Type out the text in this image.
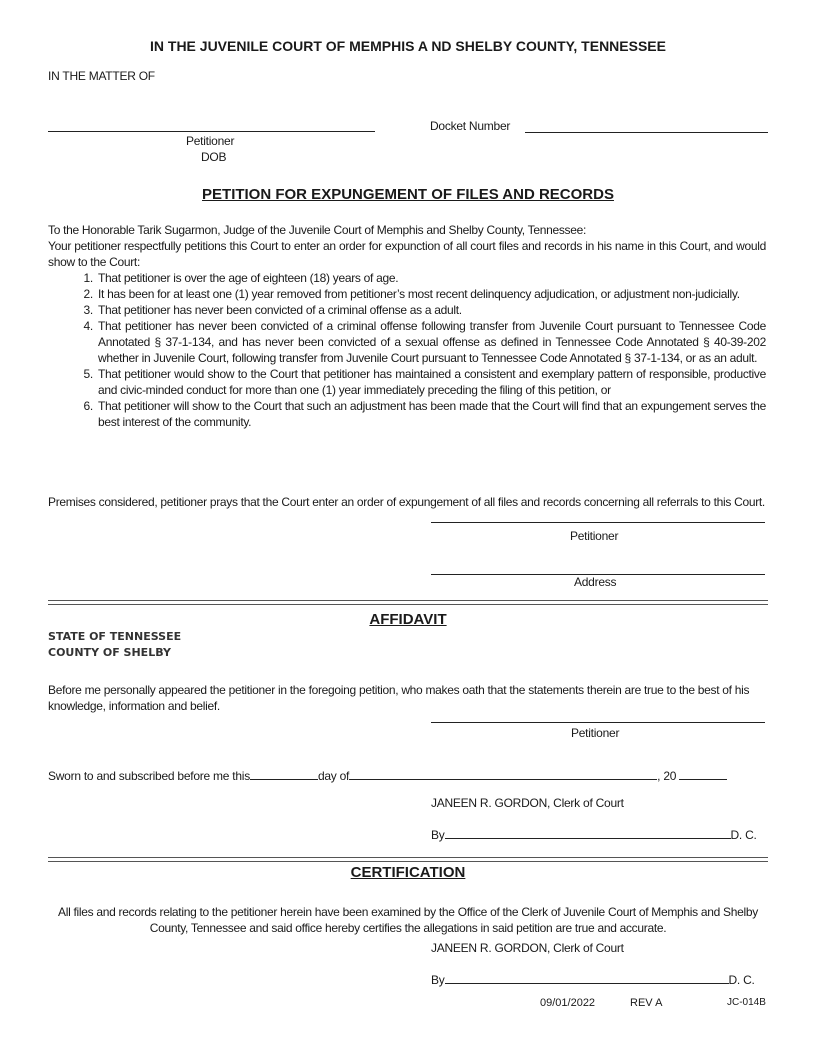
IN THE JUVENILE COURT OF MEMPHIS A ND SHELBY COUNTY, TENNESSEE
IN THE MATTER OF
Docket Number
Petitioner
DOB
PETITION FOR EXPUNGEMENT OF FILES AND RECORDS
To the Honorable Tarik Sugarmon, Judge of the Juvenile Court of Memphis and Shelby County, Tennessee:
Your petitioner respectfully petitions this Court to enter an order for expunction of all court files and records in his name in this Court, and would show to the Court:
1. That petitioner is over the age of eighteen (18) years of age.
2. It has been for at least one (1) year removed from petitioner’s most recent delinquency adjudication, or adjustment non-judicially.
3. That petitioner has never been convicted of a criminal offense as a adult.
4. That petitioner has never been convicted of a criminal offense following transfer from Juvenile Court pursuant to Tennessee Code Annotated § 37-1-134, and has never been convicted of a sexual offense as defined in Tennessee Code Annotated § 40-39-202 whether in Juvenile Court, following transfer from Juvenile Court pursuant to Tennessee Code Annotated § 37-1-134, or as an adult.
5. That petitioner would show to the Court that petitioner has maintained a consistent and exemplary pattern of responsible, productive and civic-minded conduct for more than one (1) year immediately preceding the filing of this petition, or
6. That petitioner will show to the Court that such an adjustment has been made that the Court will find that an expungement serves the best interest of the community.
Premises considered, petitioner prays that the Court enter an order of expungement of all files and records concerning all referrals to this Court.
Petitioner
Address
AFFIDAVIT
STATE OF TENNESSEE
COUNTY OF SHELBY
Before me personally appeared the petitioner in the foregoing petition, who makes oath that the statements therein are true to the best of his knowledge, information and belief.
Petitioner
Sworn to and subscribed before me this	day of	, 20
JANEEN R. GORDON, Clerk of Court
By	D. C.
CERTIFICATION
All files and records relating to the petitioner herein have been examined by the Office of the Clerk of Juvenile Court of Memphis and Shelby County, Tennessee and said office hereby certifies the allegations in said petition are true and accurate.
JANEEN R. GORDON, Clerk of Court
By	D. C.
09/01/2022	REV A	JC-014B
